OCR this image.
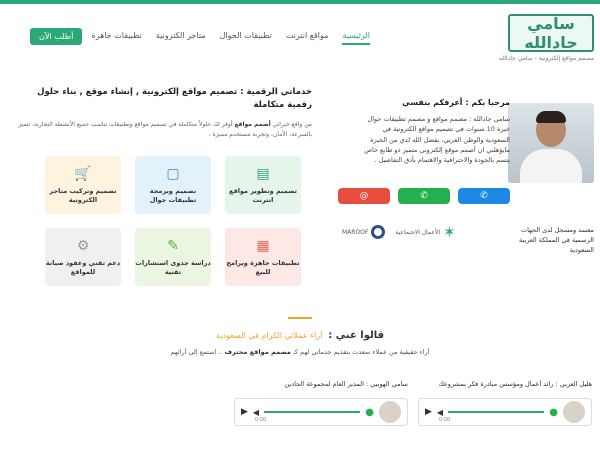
سامي جادالله
مصمم مواقع إلكترونية - سامي جادالله
الرئيسية
مواقع انترنت
تطبيقات الجوال
متاجر الكترونية
تطبيقات جاهزة
أطلب الآن
مرحبا بكم : أعرفكم بنفسي
سامي جادالله : مصمم مواقع و مصمم تطبيقات جوال خبرة 10 سنوات في تصميم مواقع الكترونية في السعودية والوطن العربي، بفضل الله لدي من الخبرة مايؤهلني ان أصمم موقع إلكتروني متميز ذو طابع خاص يتسم بالجودة والاحترافية والاهتمام بأدق التفاصيل .
✆
✆
@
معتمد ومسجل لدى الجهات الرسمية في المملكة العربية السعودية
MAROOF	الأعمال الاجتماعية ✶
خدماتي الرقمية : تصميم مواقع إلكترونية , إنشاء موقع , بناء حلول رقمية متكاملة
من واقع خبراتي أصمم مواقع أوفر لك حلولاً متكاملة في تصميم مواقع وتطبيقات تناسب جميع الأنشطة التجارية، تتميز بالسرعة، الأمان، وتجربة مستخدم مميزة .
▤
تصميم وتطوير مواقع انترنت
▢
تصميم وبرمجة تطبيقات جوال
🛒
تصميم وتركيب متاجر الكترونية
▦
تطبيقات جاهزة وبرامج للبيع
✎
دراسة جدوى استشارات تقنية
⚙
دعم تقني وعقود صيانة للمواقع
قالوا عني :آراء عملائي الكرام في السعودية
آراء حقيقية من عملاء سعدت بتقديم خدماتي لهم كـ مصمم مواقع محترف .. استمع إلى آرائهم
هليل العربي : رائد أعمال ومؤسس مبادرة فكر بمشروعك
▶ ◀	●
0:00
سامي الهويبي : المدير العام لمجموعة الجادين
▶ ◀	●
0:00
